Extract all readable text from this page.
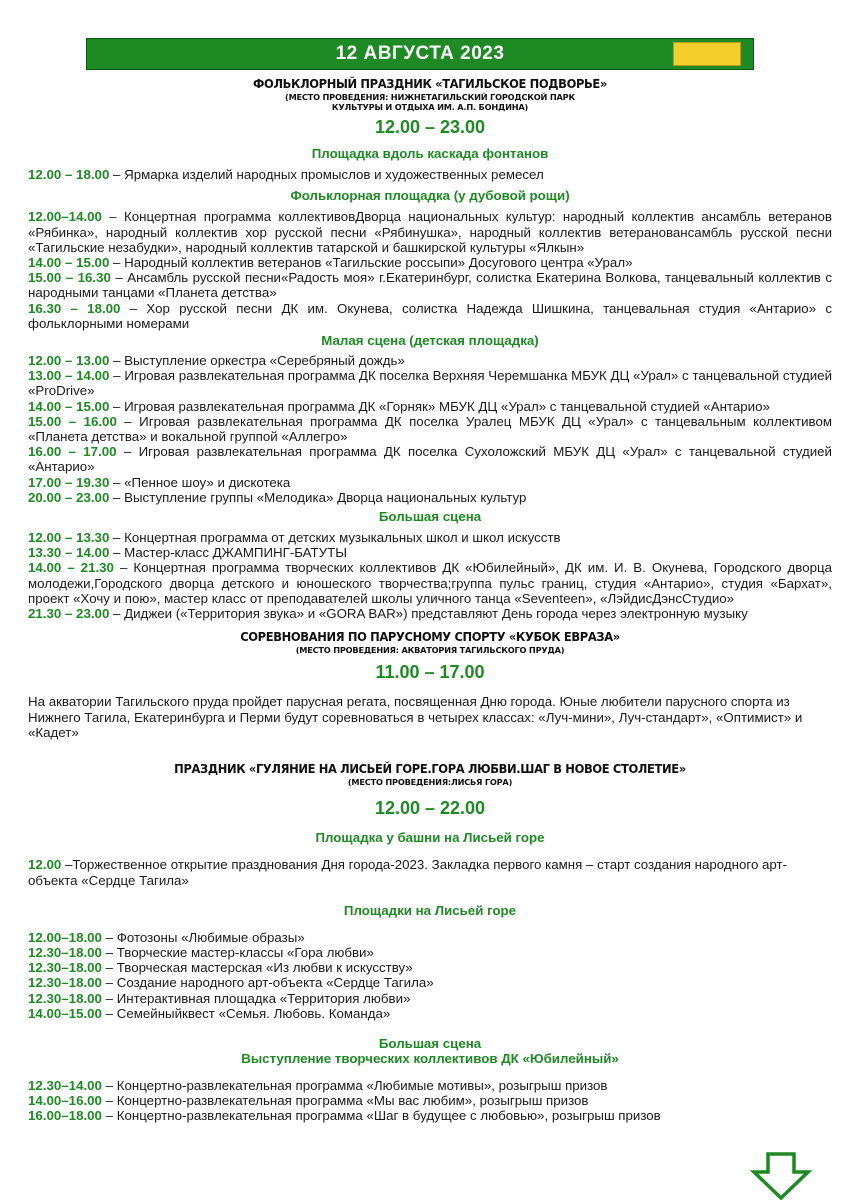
12 АВГУСТА 2023
ФОЛЬКЛОРНЫЙ ПРАЗДНИК «ТАГИЛЬСКОЕ ПОДВОРЬЕ»
(МЕСТО ПРОВЕДЕНИЯ: НИЖНЕТАГИЛЬСКИЙ ГОРОДСКОЙ ПАРК
КУЛЬТУРЫ И ОТДЫХА ИМ. А.П. БОНДИНА)
12.00 – 23.00
Площадка вдоль каскада фонтанов
12.00 – 18.00 – Ярмарка изделий народных промыслов и художественных ремесел
Фольклорная площадка (у дубовой рощи)
12.00–14.00 – Концертная программа коллективовДворца национальных культур: народный коллектив ансамбль ветеранов «Рябинка», народный коллектив хор русской песни «Рябинушка», народный коллектив ветерановансамбль русской песни «Тагильские незабудки», народный коллектив татарской и башкирской культуры «Ялкын»
14.00 – 15.00 – Народный коллектив ветеранов «Тагильские россыпи» Досугового центра «Урал»
15.00 – 16.30 – Ансамбль русской песни«Радость моя» г.Екатеринбург, солистка Екатерина Волкова, танцевальный коллектив с народными танцами «Планета детства»
16.30 – 18.00 – Хор русской песни ДК им. Окунева, солистка Надежда Шишкина, танцевальная студия «Антарио» с фольклорными номерами
Малая сцена (детская площадка)
12.00 – 13.00 – Выступление оркестра «Серебряный дождь»
13.00 – 14.00 – Игровая развлекательная программа ДК поселка Верхняя Черемшанка МБУК ДЦ «Урал» с танцевальной студией «ProDrive»
14.00 – 15.00 – Игровая развлекательная программа ДК «Горняк» МБУК ДЦ «Урал» с танцевальной студией «Антарио»
15.00 – 16.00 – Игровая развлекательная программа ДК поселка Уралец МБУК ДЦ «Урал» с танцевальным коллективом «Планета детства» и вокальной группой «Аллегро»
16.00 – 17.00 – Игровая развлекательная программа ДК поселка Сухоложский МБУК ДЦ «Урал» с танцевальной студией «Антарио»
17.00 – 19.30 – «Пенное шоу» и дискотека
20.00 – 23.00 – Выступление группы «Мелодика» Дворца национальных культур
Большая сцена
12.00 – 13.30 – Концертная программа от детских музыкальных школ и школ искусств
13.30 – 14.00 – Мастер-класс ДЖАМПИНГ-БАТУТЫ
14.00 – 21.30 – Концертная программа творческих коллективов ДК «Юбилейный», ДК им. И. В. Окунева, Городского дворца молодежи,Городского дворца детского и юношеского творчества;группа пульс границ, студия «Антарио», студия «Бархат», проект «Хочу и пою», мастер класс от преподавателей школы уличного танца «Seventeen», «ЛэйдисДэнсСтудио»
21.30 – 23.00 – Диджеи («Территория звука» и «GORA BAR») представляют День города через электронную музыку
СОРЕВНОВАНИЯ ПО ПАРУСНОМУ СПОРТУ «КУБОК ЕВРАЗА»
(МЕСТО ПРОВЕДЕНИЯ: АКВАТОРИЯ ТАГИЛЬСКОГО ПРУДА)
11.00 – 17.00
На акватории Тагильского пруда пройдет парусная регата, посвященная Дню города. Юные любители парусного спорта из Нижнего Тагила, Екатеринбурга и Перми будут соревноваться в четырех классах: «Луч-мини», Луч-стандарт», «Оптимист» и «Кадет»
ПРАЗДНИК «ГУЛЯНИЕ НА ЛИСЬЕЙ ГОРЕ.ГОРА ЛЮБВИ.ШАГ В НОВОЕ СТОЛЕТИЕ»
(МЕСТО ПРОВЕДЕНИЯ:ЛИСЬЯ ГОРА)
12.00 – 22.00
Площадка у башни на Лисьей горе
12.00 –Торжественное открытие празднования Дня города-2023. Закладка первого камня – старт создания народного арт-объекта «Сердце Тагила»
Площадки на Лисьей горе
12.00–18.00 – Фотозоны «Любимые образы»
12.30–18.00 – Творческие мастер-классы «Гора любви»
12.30–18.00 – Творческая мастерская «Из любви к искусству»
12.30–18.00 – Создание народного арт-объекта «Сердце Тагила»
12.30–18.00 – Интерактивная площадка «Территория любви»
14.00–15.00 – Семейныйквест «Семья. Любовь. Команда»
Большая сцена
Выступление творческих коллективов ДК «Юбилейный»
12.30–14.00 – Концертно-развлекательная программа «Любимые мотивы», розыгрыш призов
14.00–16.00 – Концертно-развлекательная программа «Мы вас любим», розыгрыш призов
16.00–18.00 – Концертно-развлекательная программа «Шаг в будущее с любовью», розыгрыш призов
